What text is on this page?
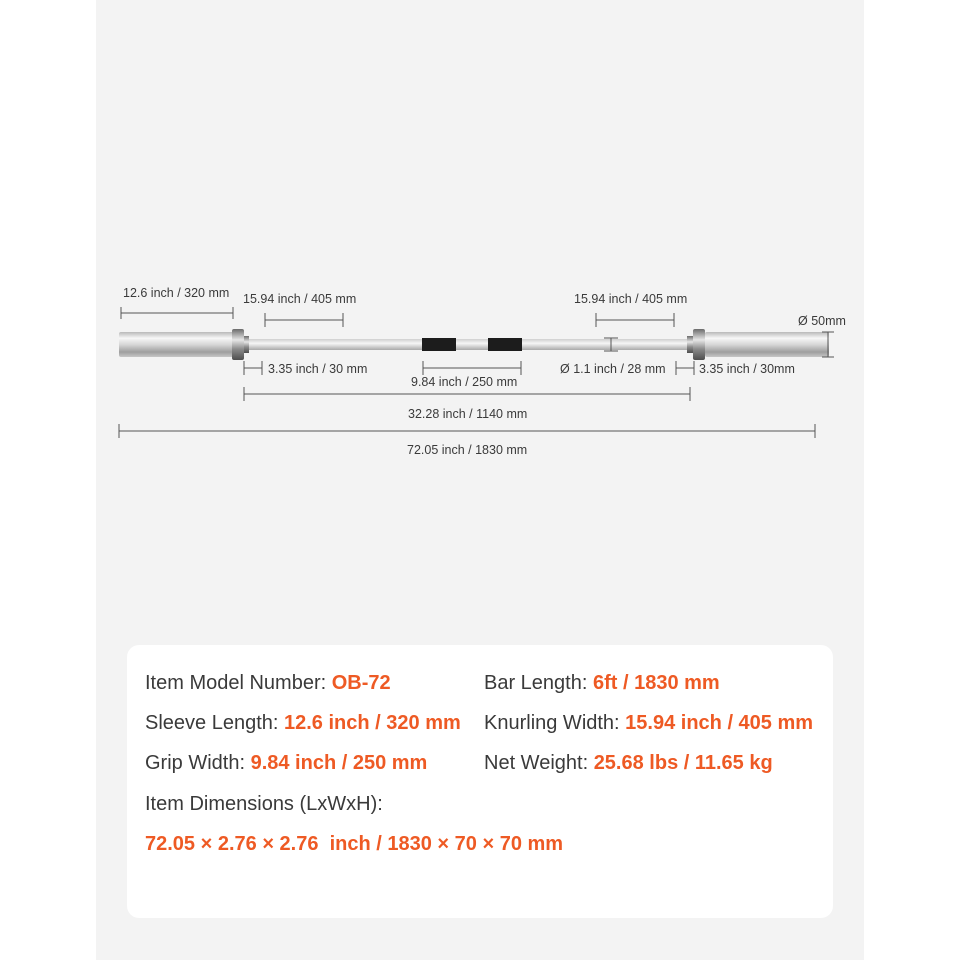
12.6 inch / 320 mm 15.94 inch / 405 mm	15.94 inch / 405 mm
Ø 50mm
3.35 inch / 30 mm
9.84 inch / 250 mm
Ø 1.1 inch / 28 mm	3.35 inch / 30mm
32.28 inch / 1140 mm
72.05 inch / 1830 mm
Item Model Number: OB-72	Bar Length: 6ft / 1830 mm
Sleeve Length: 12.6 inch / 320 mm Knurling Width: 15.94 inch / 405 mm
Grip Width: 9.84 inch / 250 mm	Net Weight: 25.68 lbs / 11.65 kg
Item Dimensions (LxWxH):
72.05 × 2.76 × 2.76  inch / 1830 × 70 × 70 mm
